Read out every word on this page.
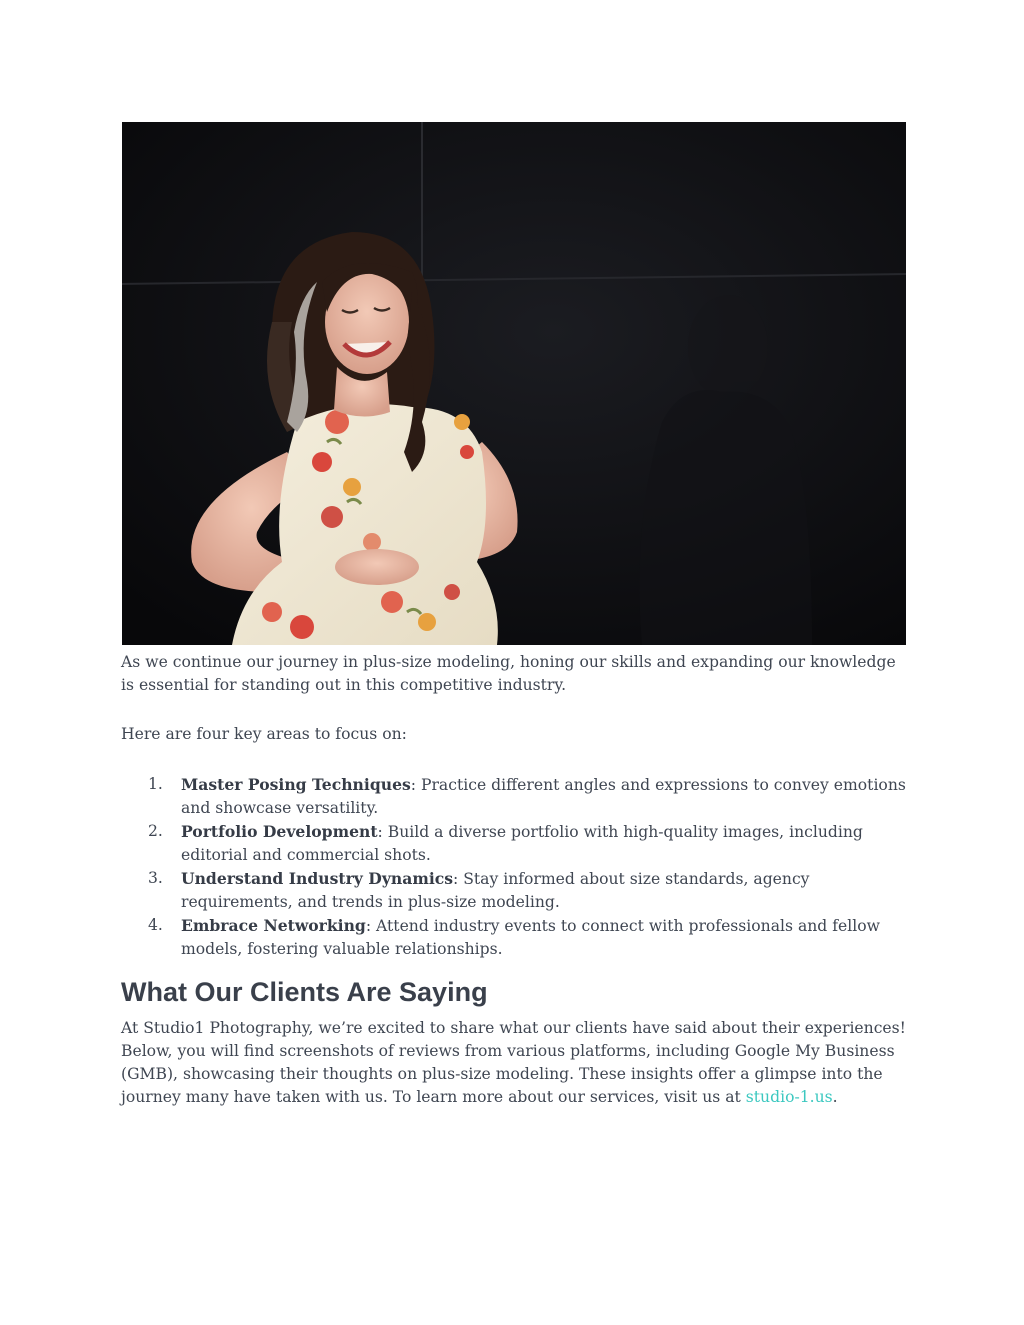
As we continue our journey in plus-size modeling, honing our skills and expanding our knowledge is essential for standing out in this competitive industry.

Here are four key areas to focus on:

1. Master Posing Techniques: Practice different angles and expressions to convey emotions and showcase versatility.
2. Portfolio Development: Build a diverse portfolio with high-quality images, including editorial and commercial shots.
3. Understand Industry Dynamics: Stay informed about size standards, agency requirements, and trends in plus-size modeling.
4. Embrace Networking: Attend industry events to connect with professionals and fellow models, fostering valuable relationships.
What Our Clients Are Saying

At Studio1 Photography, we’re excited to share what our clients have said about their experiences! Below, you will find screenshots of reviews from various platforms, including Google My Business (GMB), showcasing their thoughts on plus-size modeling. These insights offer a glimpse into the journey many have taken with us. To learn more about our services, visit us at studio-1.us.
